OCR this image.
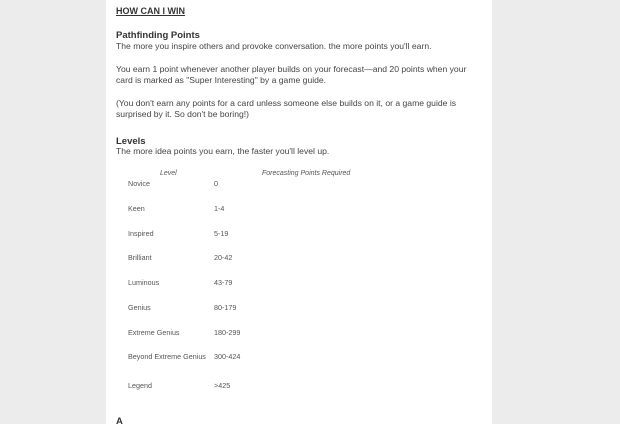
HOW CAN I WIN
Pathfinding Points
The more you inspire others and provoke conversation. the more points you'll earn.
You earn 1 point whenever another player builds on your forecast—and 20 points when your card is marked as "Super Interesting" by a game guide.
(You don't earn any points for a card unless someone else builds on it, or a game guide is surprised by it. So don't be boring!)
Levels
The more idea points you earn, the faster you'll level up.
Level	Forecasting Points Required
Novice	0
Keen	1-4
Inspired	5-19
Brilliant	20-42
Luminous	43-79
Genius	80-179
Extreme Genius	180-299
Beyond Extreme Genius 300-424
Legend	>425
A
